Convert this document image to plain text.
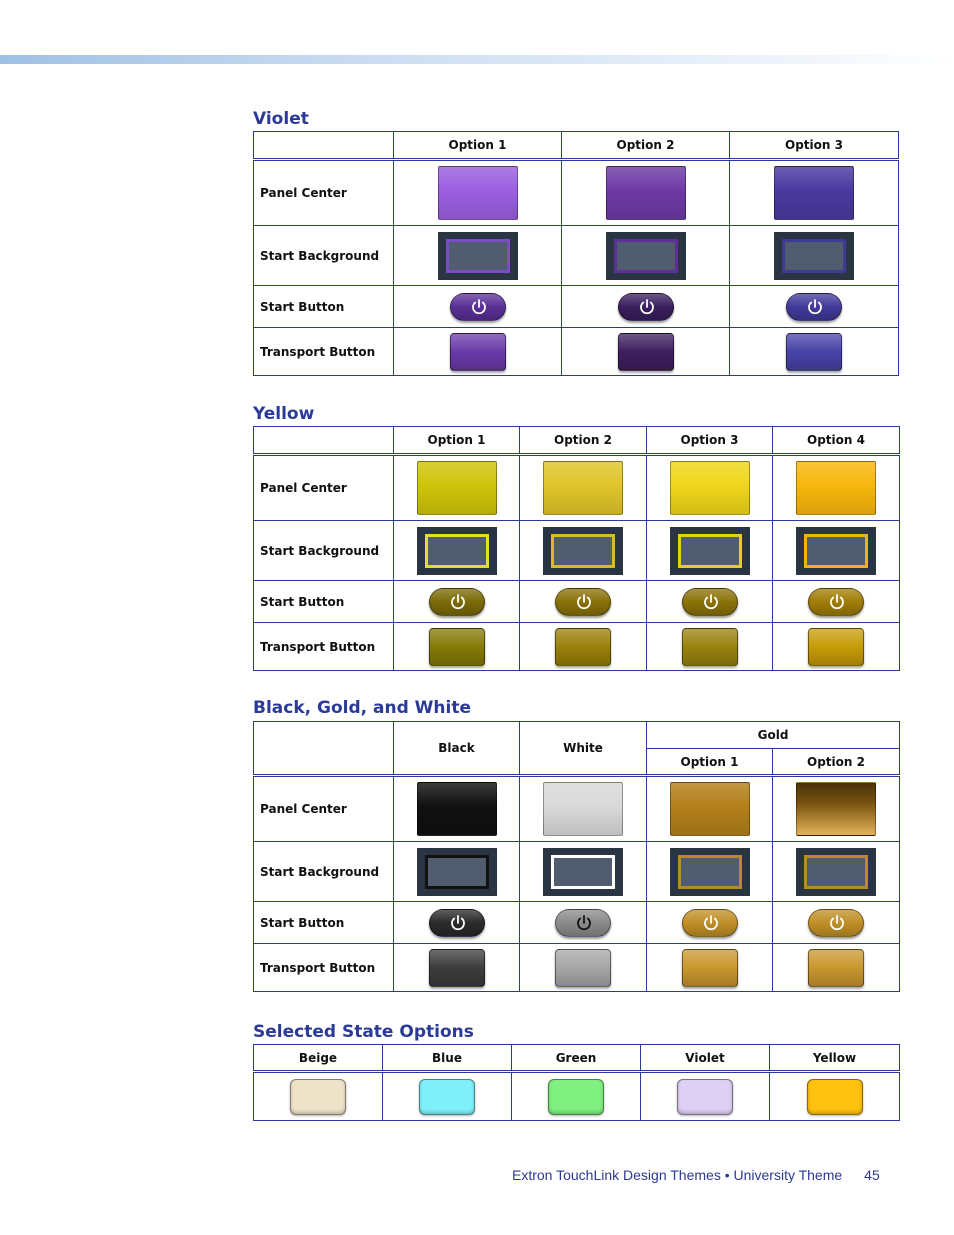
Violet
	Option 1	Option 2	Option 3
Panel Center	

Start Background	

Start Button	

Transport Button	

Yellow
	Option 1	Option 2	Option 3	Option 4
Panel Center	

Start Background	

Start Button	

Transport Button	

Black, Gold, and White
	Black	White	Gold	
			Option 1	Option 2
Panel Center	

Start Background	

Start Button	

Transport Button	

Selected State Options
Beige	Blue	Green	Violet	Yellow

Extron TouchLink Design Themes • University Theme 45
